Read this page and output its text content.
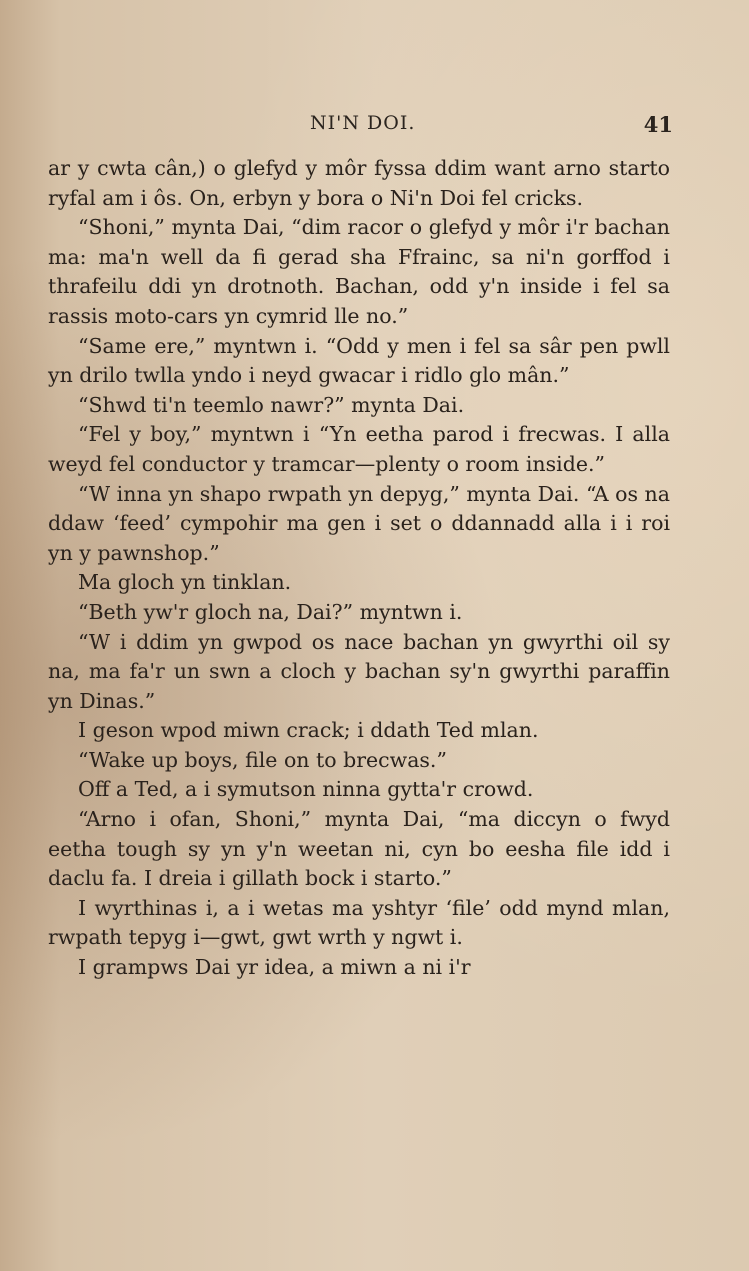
NI'N DOI.	41

ar y cwta cân,) o glefyd y môr fyssa ddim want arno starto ryfal am i ôs. On, erbyn y bora o Ni'n Doi fel cricks.

“Shoni,” mynta Dai, “dim racor o glefyd y môr i'r bachan ma: ma'n well da fi gerad sha Ffrainc, sa ni'n gorffod i thrafeilu ddi yn drotnoth. Bachan, odd y'n inside i fel sa rassis moto-cars yn cymrid lle no.”

“Same ere,” myntwn i. “Odd y men i fel sa sâr pen pwll yn drilo twlla yndo i neyd gwacar i ridlo glo mân.”

“Shwd ti'n teemlo nawr?” mynta Dai.

“Fel y boy,” myntwn i “Yn eetha parod i frecwas. I alla weyd fel conductor y tramcar—plenty o room inside.”

“W inna yn shapo rwpath yn depyg,” mynta Dai. “A os na ddaw ‘feed’ cympohir ma gen i set o ddannadd alla i i roi yn y pawnshop.”

Ma gloch yn tinklan.

“Beth yw'r gloch na, Dai?” myntwn i.

“W i ddim yn gwpod os nace bachan yn gwyrthi oil sy na, ma fa'r un swn a cloch y bachan sy'n gwyrthi paraffin yn Dinas.”

I geson wpod miwn crack; i ddath Ted mlan.

“Wake up boys, file on to brecwas.”

Off a Ted, a i symutson ninna gytta'r crowd.

“Arno i ofan, Shoni,” mynta Dai, “ma diccyn o fwyd eetha tough sy yn y'n weetan ni, cyn bo eesha file idd i daclu fa. I dreia i gillath bock i starto.”

I wyrthinas i, a i wetas ma yshtyr ‘file’ odd mynd mlan, rwpath tepyg i—gwt, gwt wrth y ngwt i.

I grampws Dai yr idea, a miwn a ni i'r
